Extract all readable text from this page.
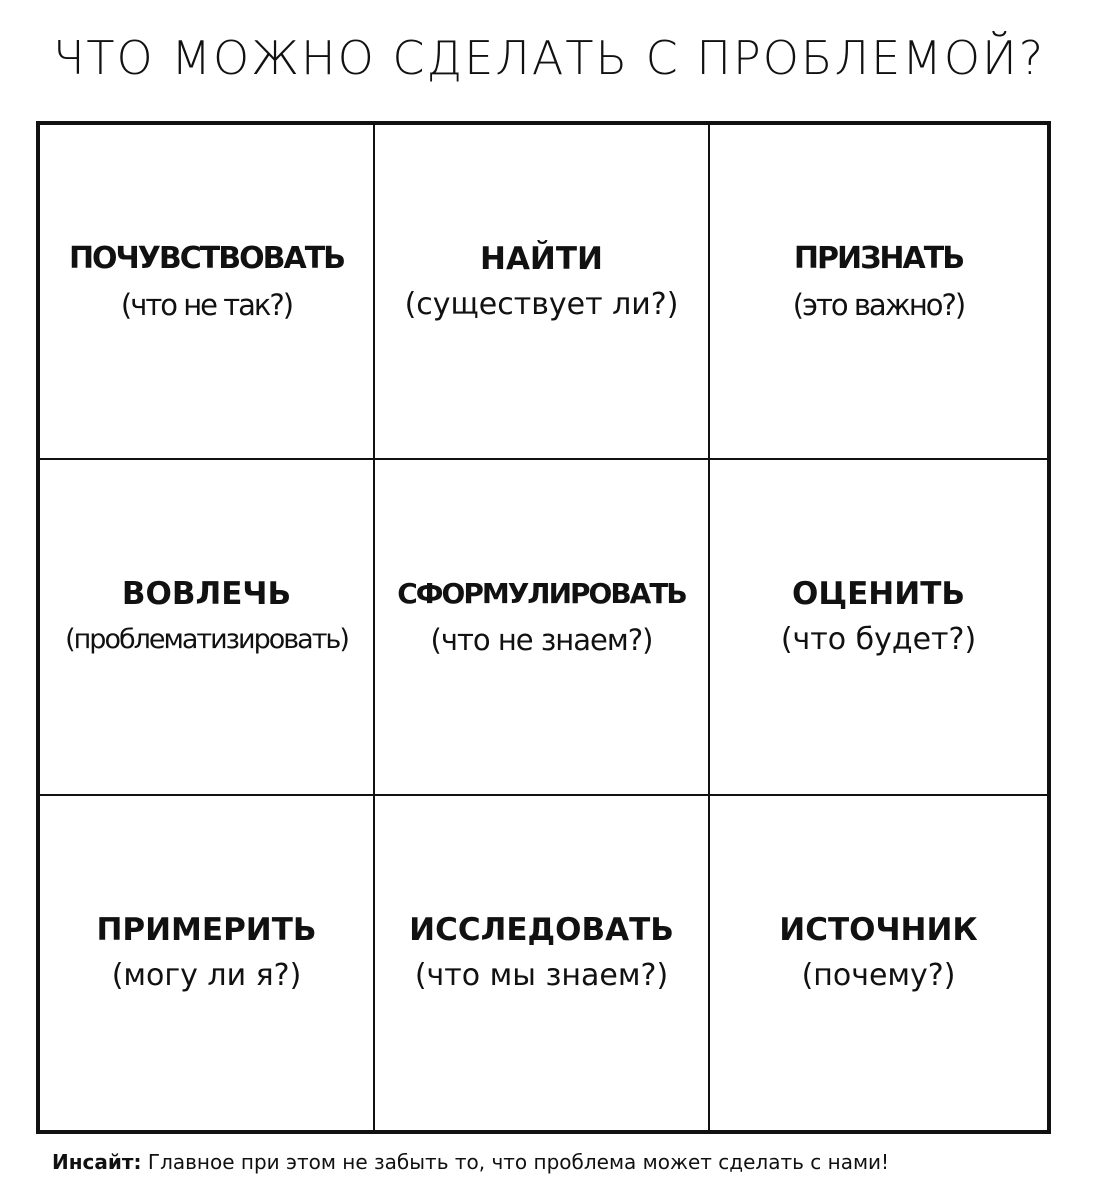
ЧТО МОЖНО СДЕЛАТЬ С ПРОБЛЕМОЙ?
ПОЧУВСТВОВАТЬ
(что не так?)
НАЙТИ
(существует ли?)
ПРИЗНАТЬ
(это важно?)
ВОВЛЕЧЬ
(проблематизировать)
СФОРМУЛИРОВАТЬ
(что не знаем?)
ОЦЕНИТЬ
(что будет?)
ПРИМЕРИТЬ
(могу ли я?)
ИССЛЕДОВАТЬ
(что мы знаем?)
ИСТОЧНИК
(почему?)
Инсайт: Главное при этом не забыть то, что проблема может сделать с нами!
